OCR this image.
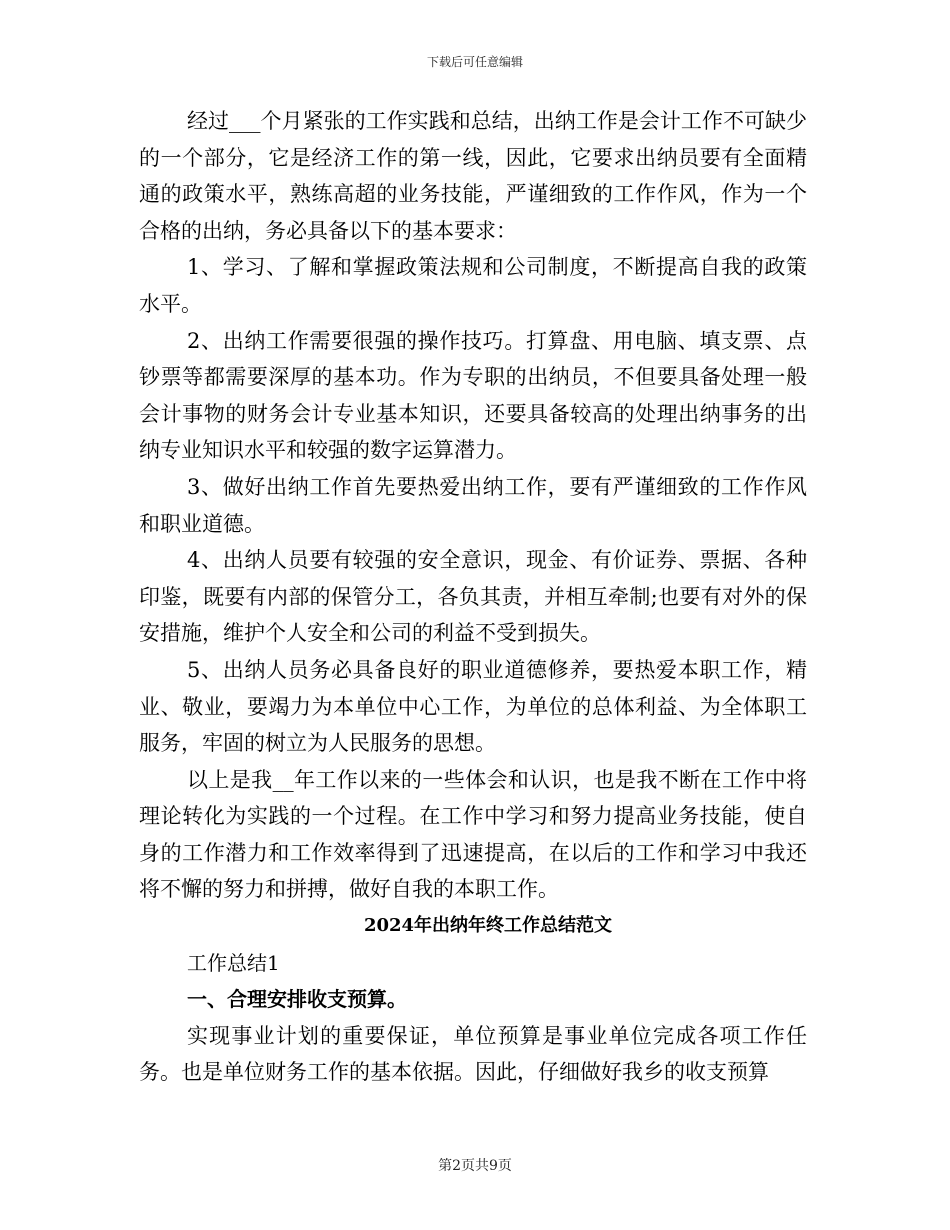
下载后可任意编辑

经过___个月紧张的工作实践和总结，出纳工作是会计工作不可缺少的一个部分，它是经济工作的第一线，因此，它要求出纳员要有全面精通的政策水平，熟练高超的业务技能，严谨细致的工作作风，作为一个合格的出纳，务必具备以下的基本要求：

1、学习、了解和掌握政策法规和公司制度，不断提高自我的政策水平。

2、出纳工作需要很强的操作技巧。打算盘、用电脑、填支票、点钞票等都需要深厚的基本功。作为专职的出纳员，不但要具备处理一般会计事物的财务会计专业基本知识，还要具备较高的处理出纳事务的出纳专业知识水平和较强的数字运算潜力。

3、做好出纳工作首先要热爱出纳工作，要有严谨细致的工作作风和职业道德。

4、出纳人员要有较强的安全意识，现金、有价证券、票据、各种印鉴，既要有内部的保管分工，各负其责，并相互牵制;也要有对外的保安措施，维护个人安全和公司的利益不受到损失。

5、出纳人员务必具备良好的职业道德修养，要热爱本职工作，精业、敬业，要竭力为本单位中心工作，为单位的总体利益、为全体职工服务，牢固的树立为人民服务的思想。

以上是我__年工作以来的一些体会和认识，也是我不断在工作中将理论转化为实践的一个过程。在工作中学习和努力提高业务技能，使自身的工作潜力和工作效率得到了迅速提高，在以后的工作和学习中我还将不懈的努力和拼搏，做好自我的本职工作。

2024年出纳年终工作总结范文

工作总结1

一、合理安排收支预算。

实现事业计划的重要保证，单位预算是事业单位完成各项工作任务。也是单位财务工作的基本依据。因此，仔细做好我乡的收支预算

第2页共9页
